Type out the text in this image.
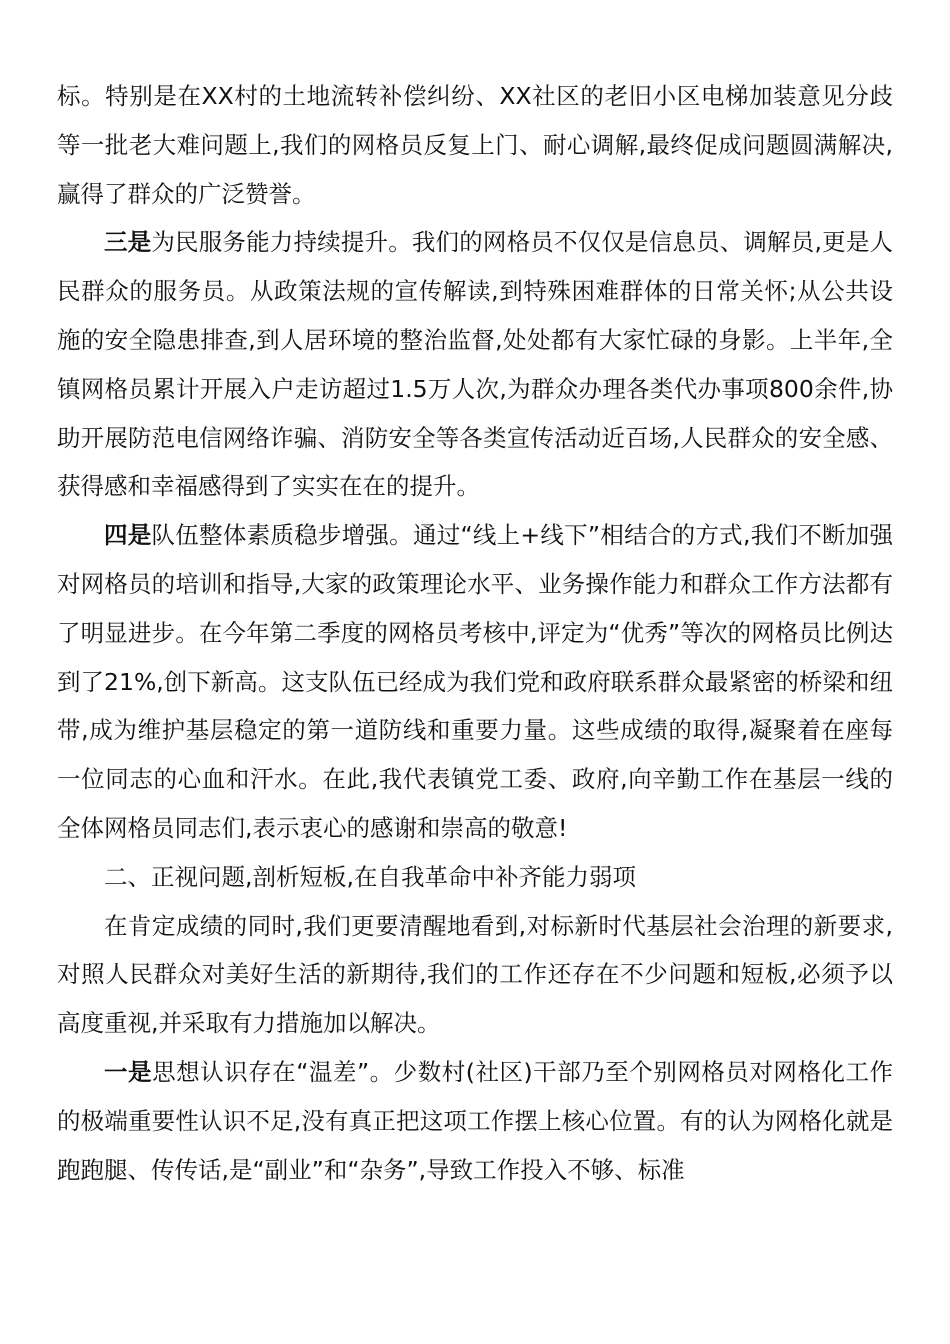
标。特别是在XX村的土地流转补偿纠纷、XX社区的老旧小区电梯加装意见分歧等一批老大难问题上,我们的网格员反复上门、耐心调解,最终促成问题圆满解决,赢得了群众的广泛赞誉。

三是为民服务能力持续提升。我们的网格员不仅仅是信息员、调解员,更是人民群众的服务员。从政策法规的宣传解读,到特殊困难群体的日常关怀;从公共设施的安全隐患排查,到人居环境的整治监督,处处都有大家忙碌的身影。上半年,全镇网格员累计开展入户走访超过1.5万人次,为群众办理各类代办事项800余件,协助开展防范电信网络诈骗、消防安全等各类宣传活动近百场,人民群众的安全感、获得感和幸福感得到了实实在在的提升。

四是队伍整体素质稳步增强。通过“线上+线下”相结合的方式,我们不断加强对网格员的培训和指导,大家的政策理论水平、业务操作能力和群众工作方法都有了明显进步。在今年第二季度的网格员考核中,评定为“优秀”等次的网格员比例达到了21%,创下新高。这支队伍已经成为我们党和政府联系群众最紧密的桥梁和纽带,成为维护基层稳定的第一道防线和重要力量。这些成绩的取得,凝聚着在座每一位同志的心血和汗水。在此,我代表镇党工委、政府,向辛勤工作在基层一线的全体网格员同志们,表示衷心的感谢和崇高的敬意!

二、正视问题,剖析短板,在自我革命中补齐能力弱项

在肯定成绩的同时,我们更要清醒地看到,对标新时代基层社会治理的新要求,对照人民群众对美好生活的新期待,我们的工作还存在不少问题和短板,必须予以高度重视,并采取有力措施加以解决。

一是思想认识存在“温差”。少数村(社区)干部乃至个别网格员对网格化工作的极端重要性认识不足,没有真正把这项工作摆上核心位置。有的认为网格化就是跑跑腿、传传话,是“副业”和“杂务”,导致工作投入不够、标准
